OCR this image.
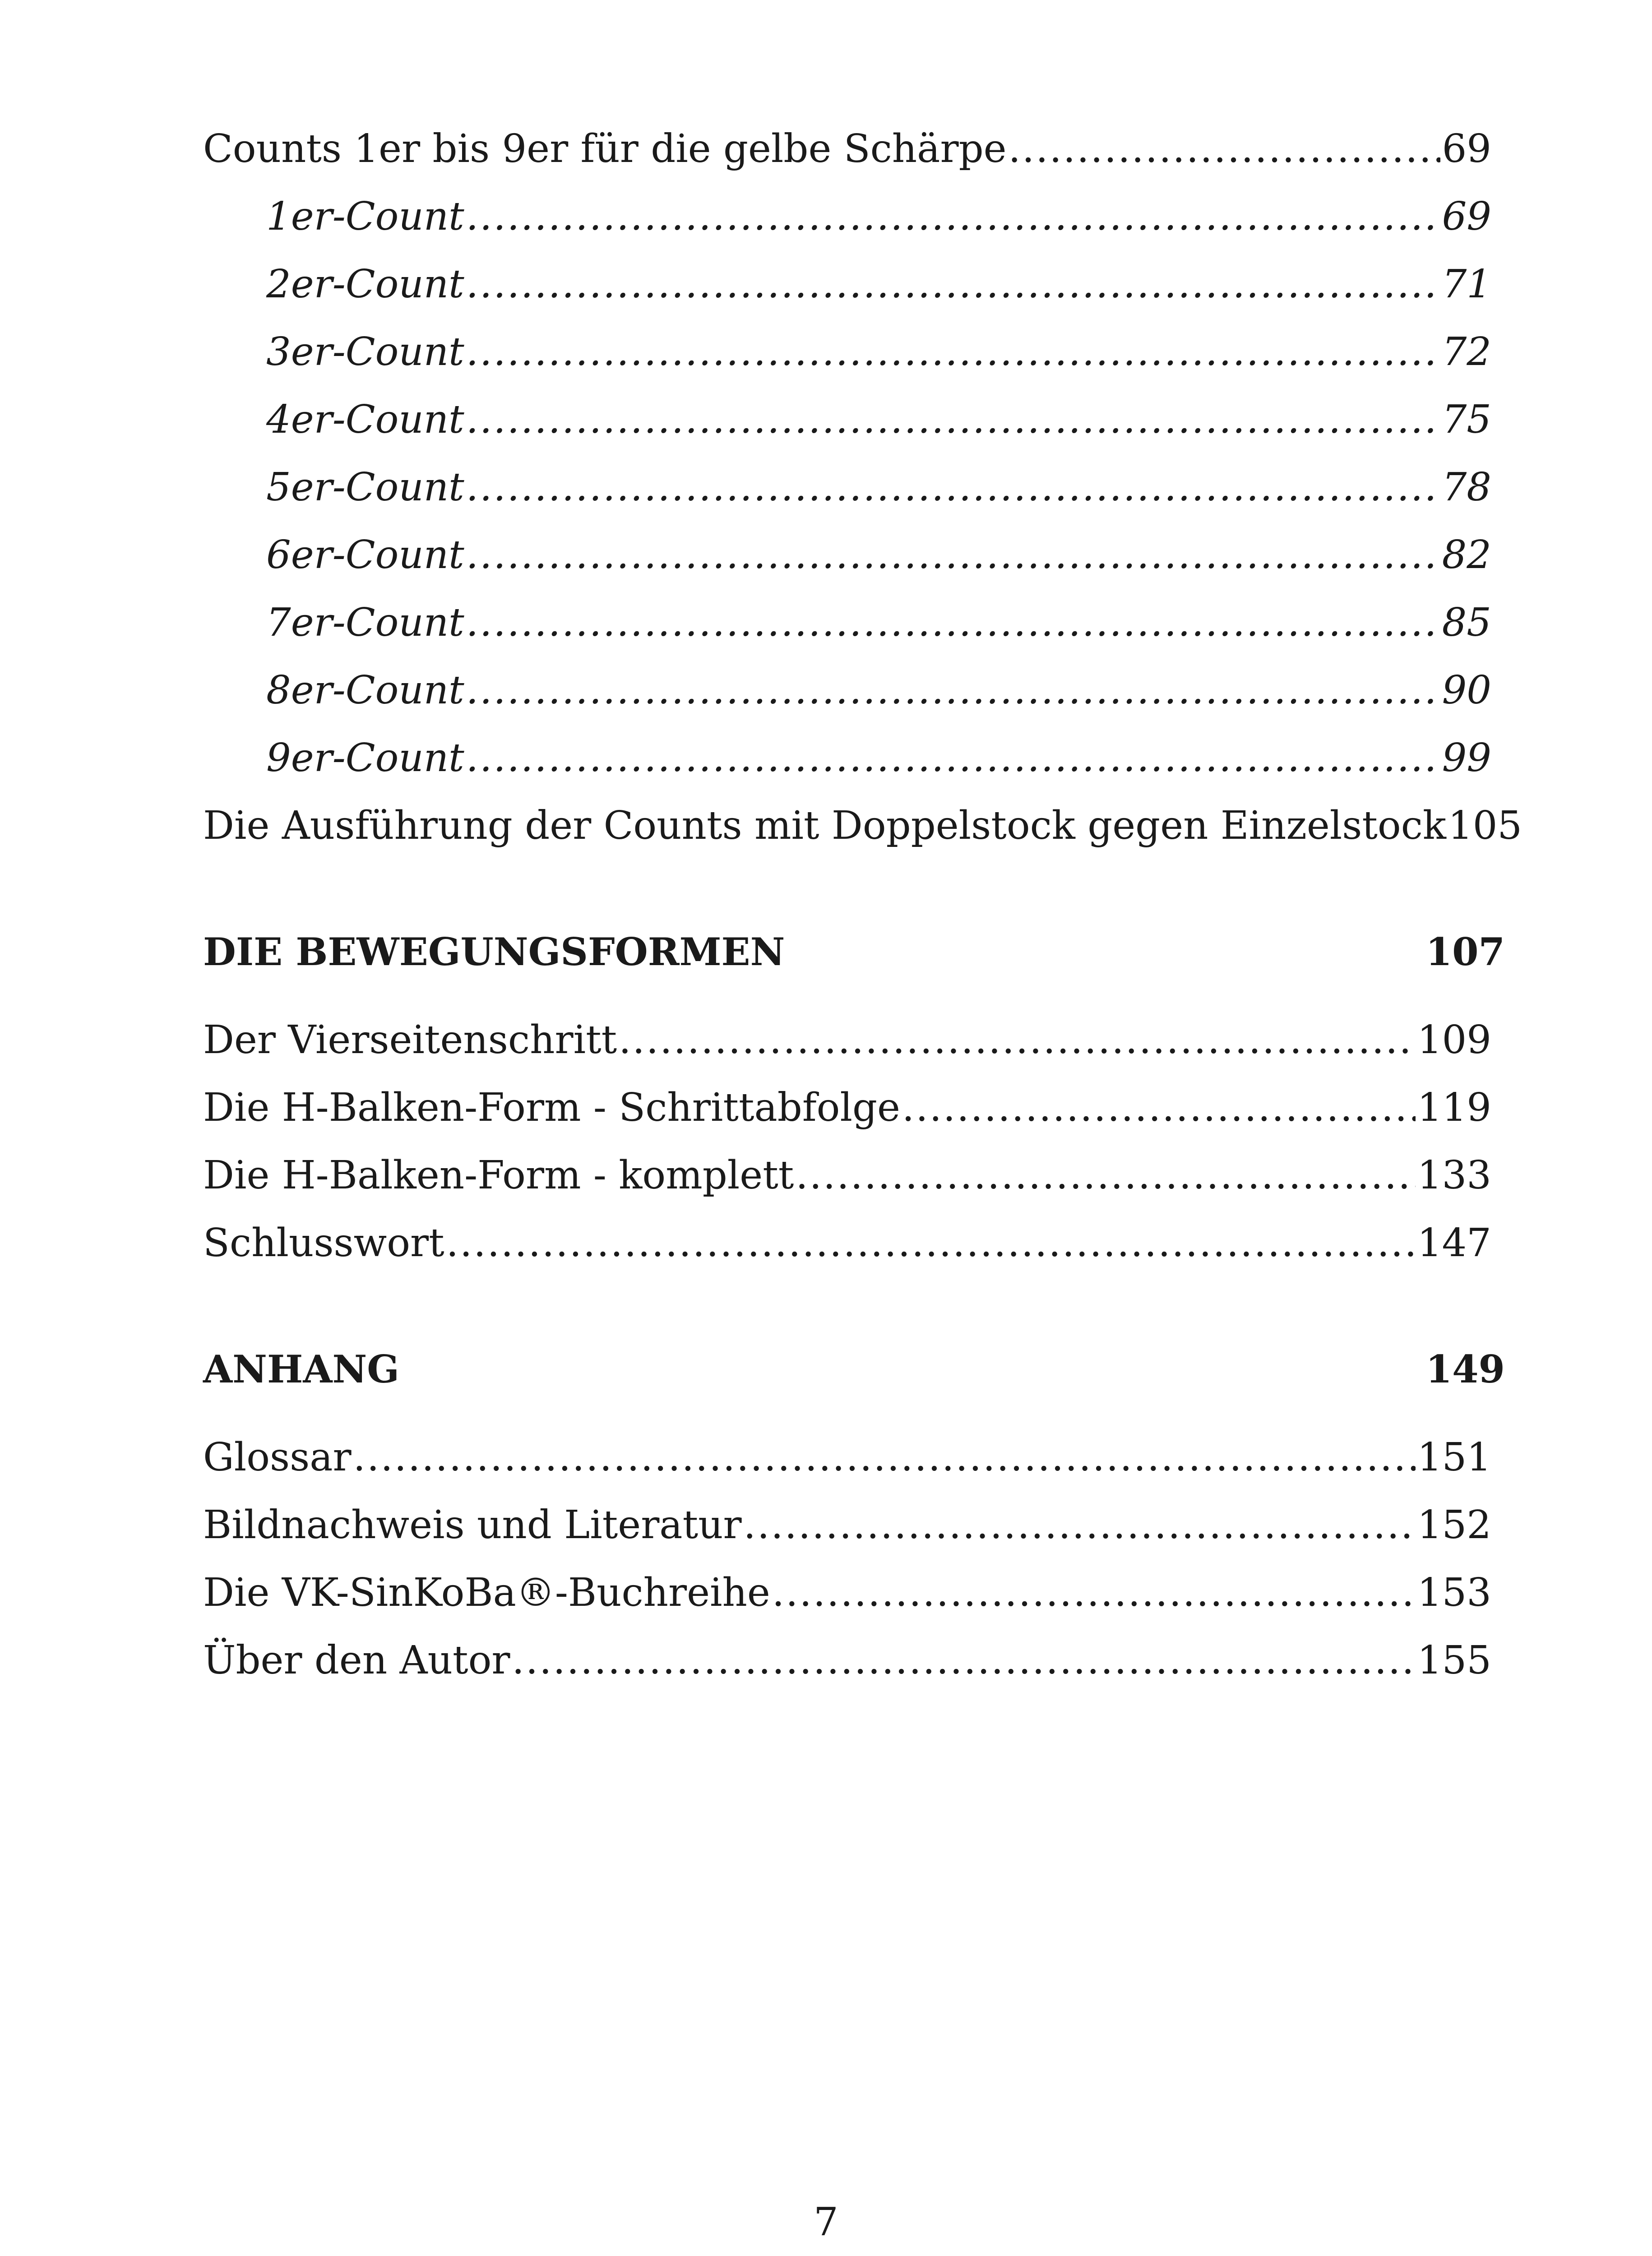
Counts 1er bis 9er für die gelbe Schärpe .....	69
1er-Count .....	69
2er-Count .....	71
3er-Count .....	72
4er-Count .....	75
5er-Count .....	78
6er-Count .....	82
7er-Count .....	85
8er-Count .....	90
9er-Count .....	99
Die Ausführung der Counts mit Doppelstock gegen Einzelstock 105
DIE BEWEGUNGSFORMEN	107
Der Vierseitenschritt .....	109
Die H-Balken-Form - Schrittabfolge .....	119
Die H-Balken-Form - komplett .....	133
Schlusswort .....	147
ANHANG	149
Glossar .....	151
Bildnachweis und Literatur .....	152
Die VK-SinKoBa®-Buchreihe .....	153
Über den Autor .....	155
7
